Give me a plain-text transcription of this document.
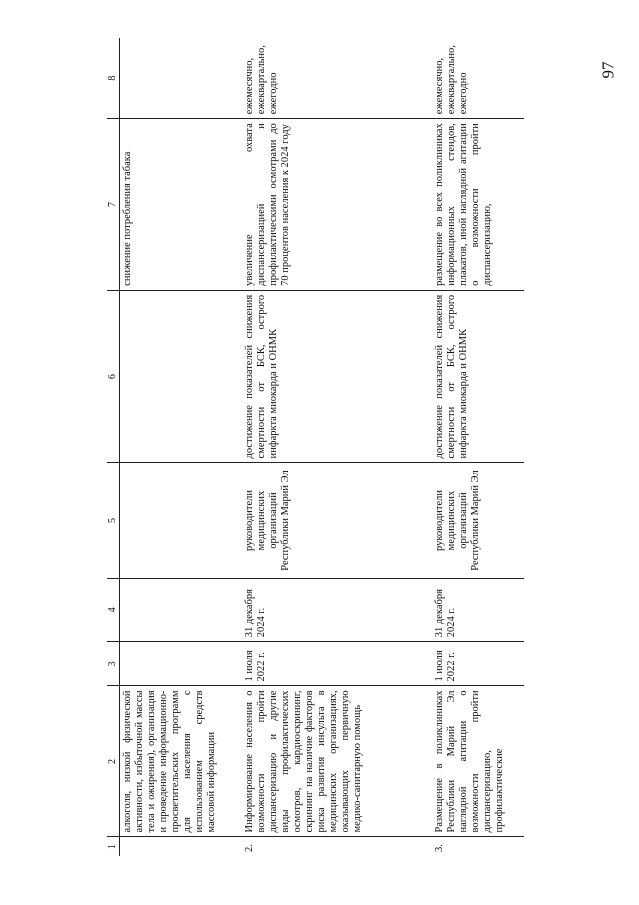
97
1	2	3	4	5	6	7	8
	алкоголя, низкой физической активности, избыточной массы тела и ожирения), организация и проведение информационно-просветительских программ для населения с использованием средств массовой информации					снижение потребления табака	
2.	Информирование населения о возможности пройти диспансеризацию и другие виды профилактических осмотров, кардиоскрининг, скрининг на наличие факторов риска развития инсульта в медицинских организациях, оказывающих первичную медико-санитарную помощь	1 июля 2022 г.	31 декабря 2024 г.	руководители медицинских организаций Республики Марий Эл	достижение показателей снижения смертности от БСК, острого инфаркта миокарда и ОНМК	увеличение охвата диспансеризацией и профилактическими осмотрами до 70 процентов населения к 2024 году	ежемесячно, ежеквартально, ежегодно
3.	Размещение в поликлиниках Республики Марий Эл наглядной агитации о возможности пройти диспансеризацию, профилактические	1 июля 2022 г.	31 декабря 2024 г.	руководители медицинских организаций Республики Марий Эл	достижение показателей снижения смертности от БСК, острого инфаркта миокарда и ОНМК	размещение во всех поликлиниках информационных стендов, плакатов, иной наглядной агитации о возможности пройти диспансеризацию,	ежемесячно, ежеквартально, ежегодно
